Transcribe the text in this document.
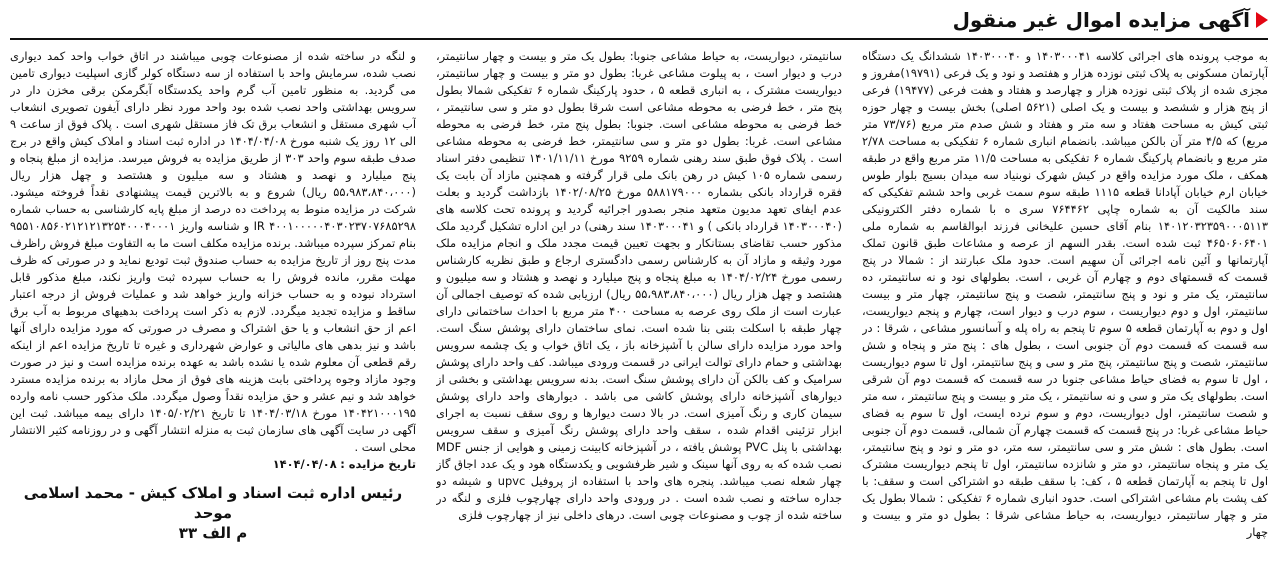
آگهی مزایده اموال غیر منقول

به موجب پرونده های اجرائی کلاسه ۱۴۰۳۰۰۰۴۱ و ۱۴۰۳۰۰۰۴۰ ششدانگ یک دستگاه آپارتمان مسکونی به پلاک ثبتی نوزده هزار و هفتصد و نود و یک فرعی (۱۹۷۹۱)مفروز و مجزی شده از پلاک ثبتی نوزده هزار و چهارصد و هفتاد و هفت فرعی (۱۹۴۷۷) فرعی از پنج هزار و ششصد و بیست و یک اصلی (۵۶۲۱ اصلی) بخش بیست و چهار حوزه ثبتی کیش به مساحت هفتاد و سه متر و هفتاد و شش صدم متر مربع (۷۳/۷۶ متر مربع) که ۴/۵ متر آن بالکن میباشد. بانضمام انباری شماره ۶ تفکیکی به مساحت ۲/۷۸ متر مربع و بانضمام پارکینگ شماره ۶ تفکیکی به مساحت ۱۱/۵ متر مربع واقع در طبقه همکف ، ملک مورد مزایده واقع در کیش شهرک نوبنیاد سه میدان بسیج بلوار طوس خیابان ارم خیابان آپادانا قطعه ۱۱۱۵ طبقه سوم سمت غربی واحد ششم تفکیکی که سند مالکیت آن به شماره چاپی ۷۶۴۴۶۲ سری ه با شماره دفتر الکترونیکی ۱۴۰۱۲۰۳۲۳۵۹۰۰۰۵۱۱۳ بنام آقای حسین علیخانی فرزند ابوالقاسم به شماره ملی ۴۶۵۰۶۰۶۴۰۱ ثبت شده است. بقدر السهم از عرصه و مشاعات طبق قانون تملک آپارتمانها و آئین نامه اجرائی آن سهیم است. حدود ملک عبارتند از : شمالا در پنج قسمت که قسمتهای دوم و چهارم آن غربی ، است. بطولهای نود و نه سانتیمتر، ده سانتیمتر، یک متر و نود و پنج سانتیمتر، شصت و پنج سانتیمتر، چهار متر و بیست سانتیمتر، اول و دوم دیواریست ، سوم درب و دیوار است، چهارم و پنجم دیواریست، اول و دوم به آپارتمان قطعه ۵ سوم تا پنجم به راه پله و آسانسور مشاعی ، شرقا : در سه قسمت که قسمت دوم آن جنوبی است ، بطول های : پنج متر و پنجاه و شش سانتیمتر، شصت و پنج سانتیمتر، پنج متر و سی و پنج سانتیمتر، اول تا سوم دیواریست ، اول تا سوم به فضای حیاط مشاعی جنوبا در سه قسمت که قسمت دوم آن شرقی است. بطولهای یک متر و سی و نه سانتیمتر ، یک متر و بیست و پنج سانتیمتر ، سه متر و شصت سانتیمتر، اول دیواریست، دوم و سوم نرده ایست، اول تا سوم به فضای حیاط مشاعی غربا: در پنج قسمت که قسمت چهارم آن شمالی، قسمت دوم آن جنوبی است. بطول های : شش متر و سی سانتیمتر، سه متر، دو متر و نود و پنج سانتیمتر، یک متر و پنجاه سانتیمتر، دو متر و شانزده سانتیمتر، اول تا پنجم دیواریست مشترک اول تا پنجم به آپارتمان قطعه ۵ ، کف: با سقف طبقه دو اشتراکی است و سقف: با کف پشت بام مشاعی اشتراکی است. حدود انباری شماره ۶ تفکیکی : شمالا بطول یک متر و چهار سانتیمتر، دیواریست، به حیاط مشاعی شرقا : بطول دو متر و بیست و چهار

سانتیمتر، دیواریست، به حیاط مشاعی جنوبا: بطول یک متر و بیست و چهار سانتیمتر، درب و دیوار است ، به پیلوت مشاعی غربا: بطول دو متر و بیست و چهار سانتیمتر، دیواریست مشترک ، به انباری قطعه ۵ ، حدود پارکینگ شماره ۶ تفکیکی شمالا بطول پنج متر ، خط فرضی به محوطه مشاعی است شرقا بطول دو متر و سی سانتیمتر ، خط فرضی به محوطه مشاعی است. جنوبا: بطول پنج متر، خط فرضی به محوطه مشاعی است. غربا: بطول دو متر و سی سانتیمتر، خط فرضی به محوطه مشاعی است . پلاک فوق طبق سند رهنی شماره ۹۲۵۹ مورخ ۱۴۰۱/۱۱/۱۱ تنظیمی دفتر اسناد رسمی شماره ۱۰۵ کیش در رهن بانک ملی قرار گرفته و همچنین مازاد آن بابت یک فقره قرارداد بانکی بشماره ۵۸۸۱۷۹۰۰۰ مورخ ۱۴۰۲/۰۸/۲۵ بازداشت گردید و بعلت عدم ایفای تعهد مدیون متعهد منجر بصدور اجرائیه گردید و پرونده تحت کلاسه های (۱۴۰۳۰۰۰۴۰ قرارداد بانکی ) و ۱۴۰۳۰۰۰۴۱ سند رهنی) در این اداره تشکیل گردید ملک مذکور حسب تقاضای بستانکار و بجهت تعیین قیمت مجدد ملک و انجام مزایده ملک مورد وثیقه و مازاد آن به کارشناس رسمی دادگستری ارجاع و طبق نظریه کارشناس رسمی مورخ ۱۴۰۴/۰۲/۲۴ به مبلغ پنجاه و پنج میلیارد و نهصد و هشتاد و سه میلیون و هشتصد و چهل هزار ریال (۵۵،۹۸۳،۸۴۰،۰۰۰ ریال) ارزیابی شده که توصیف اجمالی آن عبارت است از ملک روی عرصه به مساحت ۴۰۰ متر مربع با احداث ساختمانی دارای چهار طبقه با اسکلت بتنی بنا شده است. نمای ساختمان دارای پوشش سنگ است. واحد مورد مزایده دارای سالن با آشپزخانه باز ، یک اتاق خواب و یک چشمه سرویس بهداشتی و حمام دارای توالت ایرانی در قسمت ورودی میباشد. کف واحد دارای پوشش سرامیک و کف بالکن آن دارای پوشش سنگ است. بدنه سرویس بهداشتی و بخشی از دیوارهای آشپزخانه دارای پوشش کاشی می باشد . دیوارهای واحد دارای پوشش سیمان کاری و رنگ آمیزی است. در بالا دست دیوارها و روی سقف نسبت به اجرای ابزار تزئینی اقدام شده ، سقف واحد دارای پوشش رنگ آمیزی و سقف سرویس بهداشتی با پنل PVC پوشش یافته ، در آشپزخانه کابینت زمینی و هوایی از جنس MDF نصب شده که به روی آنها سینک و شیر ظرفشویی و یکدستگاه هود و یک عدد اجاق گاز چهار شعله نصب میباشد. پنجره های واحد با استفاده از پروفیل upvc و شیشه دو جداره ساخته و نصب شده است . در ورودی واحد دارای چهارچوب فلزی و لنگه در ساخته شده از چوب و مصنوعات چوبی است. درهای داخلی نیز از چهارچوب فلزی

و لنگه در ساخته شده از مصنوعات چوبی میباشند در اتاق خواب واحد کمد دیواری نصب شده، سرمایش واحد با استفاده از سه دستگاه کولر گازی اسپلیت دیواری تامین می گردید. به منظور تامین آب گرم واحد یکدستگاه آبگرمکن برقی مخزن دار در سرویس بهداشتی واحد نصب شده بود واحد مورد نظر دارای آیفون تصویری انشعاب آب شهری مستقل و انشعاب برق تک فاز مستقل شهری است . پلاک فوق از ساعت ۹ الی ۱۲ روز یک شنبه مورخ ۱۴۰۴/۰۴/۰۸ در اداره ثبت اسناد و املاک کیش واقع در برج صدف طبقه سوم واحد ۳۰۳ از طریق مزایده به فروش میرسد. مزایده از مبلغ پنجاه و پنج میلیارد و نهصد و هشتاد و سه میلیون و هشتصد و چهل هزار ریال (۵۵،۹۸۳،۸۴۰،۰۰۰ ریال) شروع و به بالاترین قیمت پیشنهادی نقداً فروخته میشود. شرکت در مزایده منوط به پرداخت ده درصد از مبلغ پایه کارشناسی به حساب شماره ۴۰۰۱۰۰۰۰۰۴۰۳۰۲۳۷۰۷۶۸۵۲۹۸ IR و شناسه واریز ۹۵۵۱۰۸۵۶۰۲۱۲۱۲۱۳۲۵۴۰۰۰۴۰۰۰۱ بنام تمرکز سپرده میباشد. برنده مزایده مکلف است ما به التفاوت مبلغ فروش راظرف مدت پنج روز از تاریخ مزایده به حساب صندوق ثبت تودیع نماید و در صورتی که ظرف مهلت مقرر، مانده فروش را به حساب سپرده ثبت واریز نکند، مبلغ مذکور قابل استرداد نبوده و به حساب خزانه واریز خواهد شد و عملیات فروش از درجه اعتبار ساقط و مزایده تجدید میگردد. لازم به ذکر است پرداخت بدهیهای مربوط به آب برق اعم از حق انشعاب و یا حق اشتراک و مصرف در صورتی که مورد مزایده دارای آنها باشد و نیز بدهی های مالیاتی و عوارض شهرداری و غیره تا تاریخ مزایده اعم از اینکه رقم قطعی آن معلوم شده یا نشده باشد به عهده برنده مزایده است و نیز در صورت وجود مازاد وجوه پرداختی بابت هزینه های فوق از محل مازاد به برنده مزایده مسترد خواهد شد و نیم عشر و حق مزایده نقداً وصول میگردد. ملک مذکور حسب نامه وارده ۱۴۰۴۲۱۰۰۰۱۹۵ مورخ ۱۴۰۴/۰۳/۱۸ تا تاریخ ۱۴۰۵/۰۲/۲۱ دارای بیمه میباشد. ثبت این آگهی در سایت آگهی های سازمان ثبت به منزله انتشار آگهی و در روزنامه کثیر الانتشار محلی است .

تاریخ مزایده : ۱۴۰۴/۰۴/۰۸

رئیس اداره ثبت اسناد و املاک کیش - محمد اسلامی موحد
م الف ۳۳
